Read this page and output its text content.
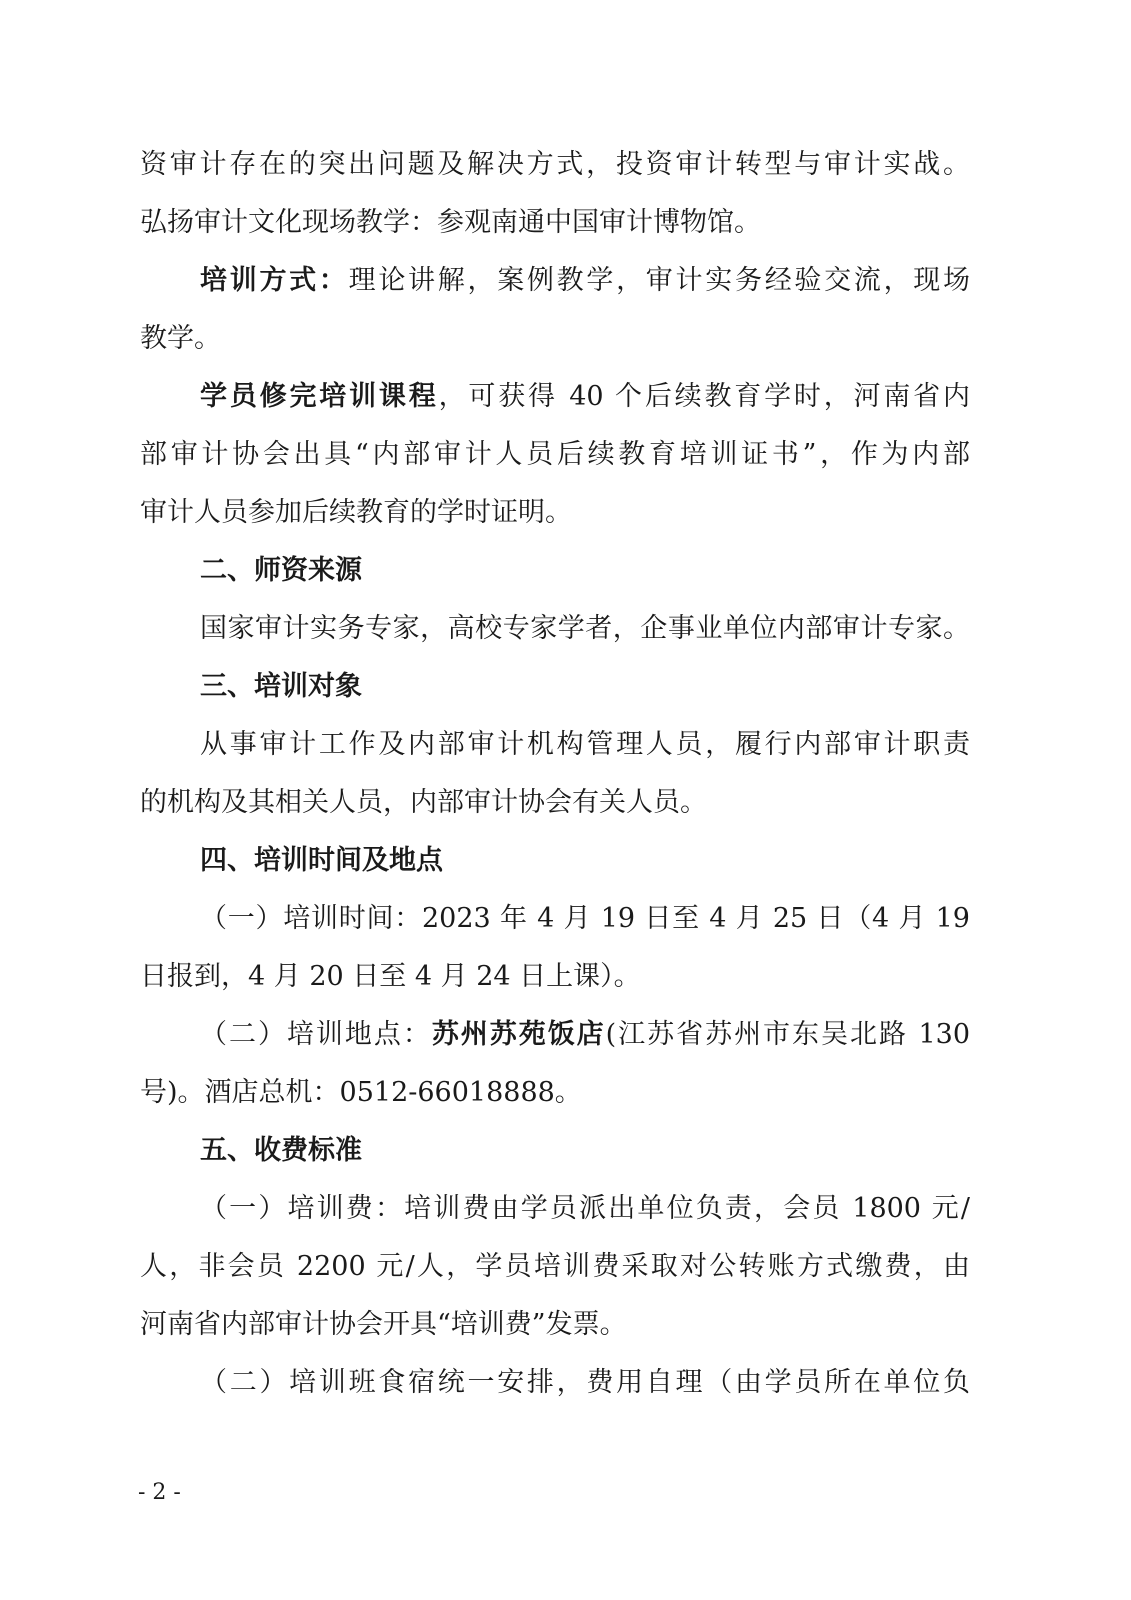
资审计存在的突出问题及解决方式，投资审计转型与审计实战。
弘扬审计文化现场教学：参观南通中国审计博物馆。
培训方式：理论讲解，案例教学，审计实务经验交流，现场
教学。
学员修完培训课程，可获得 40 个后续教育学时，河南省内
部审计协会出具“内部审计人员后续教育培训证书”，作为内部
审计人员参加后续教育的学时证明。
二、师资来源
国家审计实务专家，高校专家学者，企事业单位内部审计专家。
三、培训对象
从事审计工作及内部审计机构管理人员，履行内部审计职责
的机构及其相关人员，内部审计协会有关人员。
四、培训时间及地点
（一）培训时间：2023 年 4 月 19 日至 4 月 25 日（4 月 19
日报到，4 月 20 日至 4 月 24 日上课）。
（二）培训地点：苏州苏苑饭店(江苏省苏州市东吴北路 130
号)。酒店总机：0512-66018888。
五、收费标准
（一）培训费：培训费由学员派出单位负责，会员 1800 元/
人，非会员 2200 元/人，学员培训费采取对公转账方式缴费，由
河南省内部审计协会开具“培训费”发票。
（二）培训班食宿统一安排，费用自理（由学员所在单位负
- 2 -
